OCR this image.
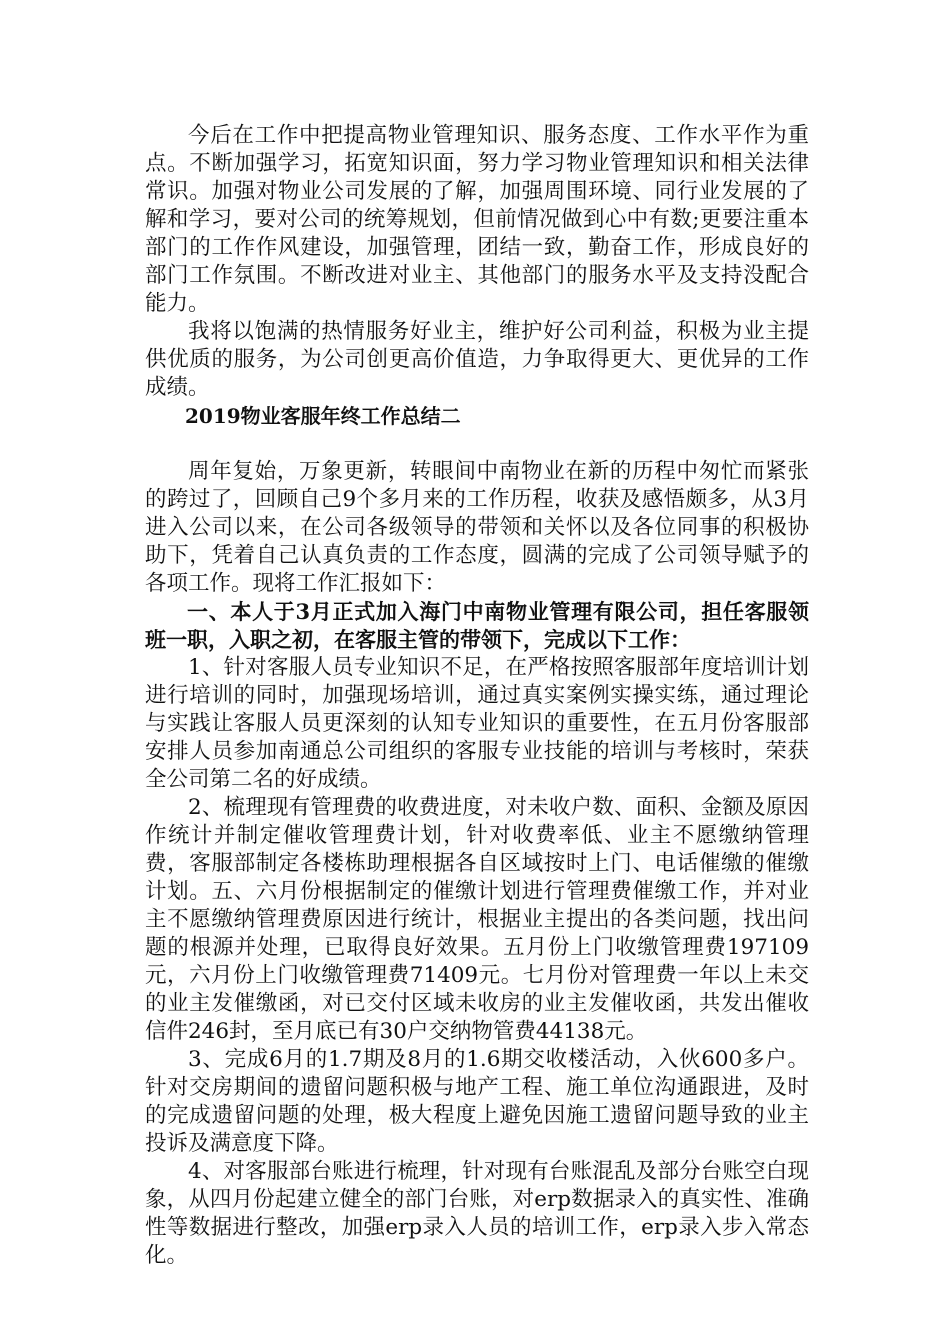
今后在工作中把提高物业管理知识、服务态度、工作水平作为重点。不断加强学习，拓宽知识面，努力学习物业管理知识和相关法律常识。加强对物业公司发展的了解，加强周围环境、同行业发展的了解和学习，要对公司的统筹规划，但前情况做到心中有数;更要注重本部门的工作作风建设，加强管理，团结一致，勤奋工作，形成良好的部门工作氛围。不断改进对业主、其他部门的服务水平及支持没配合能力。

我将以饱满的热情服务好业主，维护好公司利益，积极为业主提供优质的服务，为公司创更高价值造，力争取得更大、更优异的工作成绩。

2019物业客服年终工作总结二

周年复始，万象更新，转眼间中南物业在新的历程中匆忙而紧张的跨过了，回顾自己9个多月来的工作历程，收获及感悟颇多，从3月进入公司以来，在公司各级领导的带领和关怀以及各位同事的积极协助下，凭着自己认真负责的工作态度，圆满的完成了公司领导赋予的各项工作。现将工作汇报如下：

一、本人于3月正式加入海门中南物业管理有限公司，担任客服领班一职，入职之初，在客服主管的带领下，完成以下工作：

1、针对客服人员专业知识不足，在严格按照客服部年度培训计划进行培训的同时，加强现场培训，通过真实案例实操实练，通过理论与实践让客服人员更深刻的认知专业知识的重要性，在五月份客服部安排人员参加南通总公司组织的客服专业技能的培训与考核时，荣获全公司第二名的好成绩。

2、梳理现有管理费的收费进度，对未收户数、面积、金额及原因作统计并制定催收管理费计划，针对收费率低、业主不愿缴纳管理费，客服部制定各楼栋助理根据各自区域按时上门、电话催缴的催缴计划。五、六月份根据制定的催缴计划进行管理费催缴工作，并对业主不愿缴纳管理费原因进行统计，根据业主提出的各类问题，找出问题的根源并处理，已取得良好效果。五月份上门收缴管理费197109元，六月份上门收缴管理费71409元。七月份对管理费一年以上未交的业主发催缴函，对已交付区域未收房的业主发催收函，共发出催收信件246封，至月底已有30户交纳物管费44138元。

3、完成6月的1.7期及8月的1.6期交收楼活动，入伙600多户。针对交房期间的遗留问题积极与地产工程、施工单位沟通跟进，及时的完成遗留问题的处理，极大程度上避免因施工遗留问题导致的业主投诉及满意度下降。

4、对客服部台账进行梳理，针对现有台账混乱及部分台账空白现象，从四月份起建立健全的部门台账，对erp数据录入的真实性、准确性等数据进行整改，加强erp录入人员的培训工作，erp录入步入常态化。
